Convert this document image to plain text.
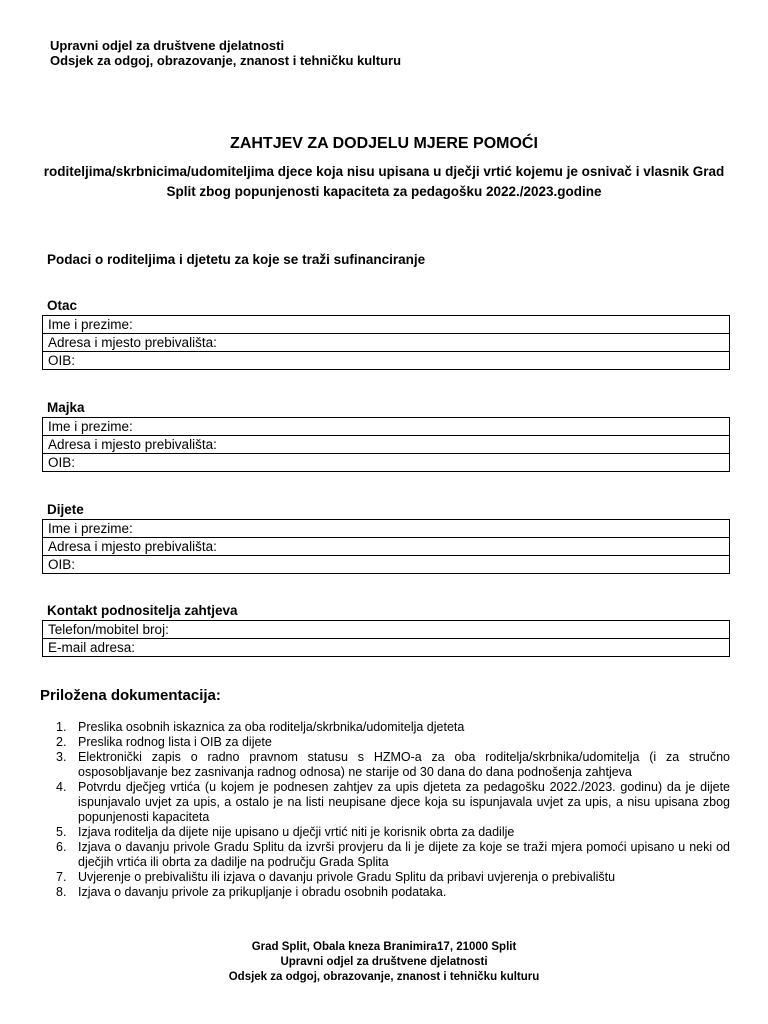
Upravni odjel za društvene djelatnosti
Odsjek za odgoj, obrazovanje, znanost i tehničku kulturu
ZAHTJEV ZA DODJELU MJERE POMOĆI
roditeljima/skrbnicima/udomiteljima djece koja nisu upisana u dječji vrtić kojemu je osnivač i vlasnik Grad Split zbog popunjenosti kapaciteta za pedagošku 2022./2023.godine
Podaci o roditeljima i djetetu za koje se traži sufinanciranje
Otac
Ime i prezime:
Adresa i mjesto prebivališta:
OIB:
Majka
Ime i prezime:
Adresa i mjesto prebivališta:
OIB:
Dijete
Ime i prezime:
Adresa i mjesto prebivališta:
OIB:
Kontakt podnositelja zahtjeva
Telefon/mobitel broj:
E-mail adresa:
Priložena dokumentacija:
1. Preslika osobnih iskaznica za oba roditelja/skrbnika/udomitelja djeteta
2. Preslika rodnog lista i OIB za dijete
3. Elektronički zapis o radno pravnom statusu s HZMO-a za oba roditelja/skrbnika/udomitelja (i za stručno osposobljavanje bez zasnivanja radnog odnosa) ne starije od 30 dana do dana podnošenja zahtjeva
4. Potvrdu dječjeg vrtića (u kojem je podnesen zahtjev za upis djeteta za pedagošku 2022./2023. godinu) da je dijete ispunjavalo uvjet za upis, a ostalo je na listi neupisane djece koja su ispunjavala uvjet za upis, a nisu upisana zbog popunjenosti kapaciteta
5. Izjava roditelja da dijete nije upisano u dječji vrtić niti je korisnik obrta za dadilje
6. Izjava o davanju privole Gradu Splitu da izvrši provjeru da li je dijete za koje se traži mjera pomoći upisano u neki od dječjih vrtića ili obrta za dadilje na području Grada Splita
7. Uvjerenje o prebivalištu ili izjava o davanju privole Gradu Splitu da pribavi uvjerenja o prebivalištu
8. Izjava o davanju privole za prikupljanje i obradu osobnih podataka.
Grad Split, Obala kneza Branimira17, 21000 Split
Upravni odjel za društvene djelatnosti
Odsjek za odgoj, obrazovanje, znanost i tehničku kulturu
